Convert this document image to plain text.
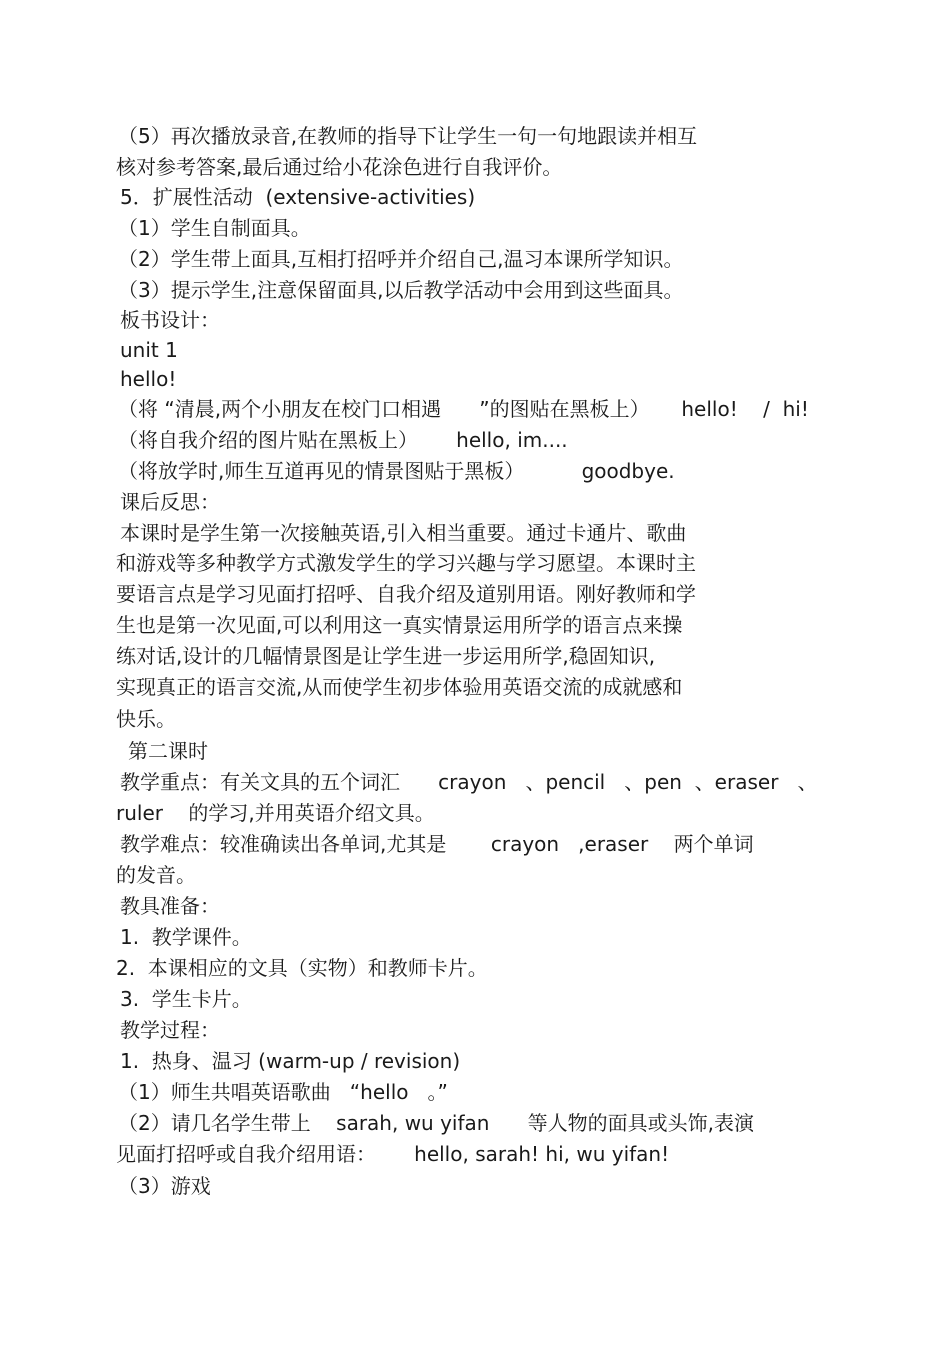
（5）再次播放录音,在教师的指导下让学生一句一句地跟读并相互
核对参考答案,最后通过给小花涂色进行自我评价。
5．扩展性活动  (extensive-activities)
（1）学生自制面具。
（2）学生带上面具,互相打招呼并介绍自己,温习本课所学知识。
（3）提示学生,注意保留面具,以后教学活动中会用到这些面具。
板书设计：
unit 1
hello!
（将 “清晨,两个小朋友在校门口相遇      ”的图贴在黑板上）     hello!    /  hi!
（将自我介绍的图片贴在黑板上）      hello, im....
（将放学时,师生互道再见的情景图贴于黑板）         goodbye.
课后反思：
本课时是学生第一次接触英语,引入相当重要。通过卡通片、歌曲
和游戏等多种教学方式激发学生的学习兴趣与学习愿望。本课时主
要语言点是学习见面打招呼、自我介绍及道别用语。刚好教师和学
生也是第一次见面,可以利用这一真实情景运用所学的语言点来操
练对话,设计的几幅情景图是让学生进一步运用所学,稳固知识,
实现真正的语言交流,从而使学生初步体验用英语交流的成就感和
快乐。
第二课时
教学重点：有关文具的五个词汇      crayon   、pencil   、pen  、eraser   、
ruler    的学习,并用英语介绍文具。
教学难点：较准确读出各单词,尤其是       crayon   ,eraser    两个单词
的发音。
教具准备：
1.  教学课件。
2.  本课相应的文具（实物）和教师卡片。
3.  学生卡片。
教学过程：
1.  热身、温习 (warm-up / revision)
（1）师生共唱英语歌曲   “hello   。”
（2）请几名学生带上    sarah, wu yifan      等人物的面具或头饰,表演
见面打招呼或自我介绍用语：      hello, sarah! hi, wu yifan!
（3）游戏
